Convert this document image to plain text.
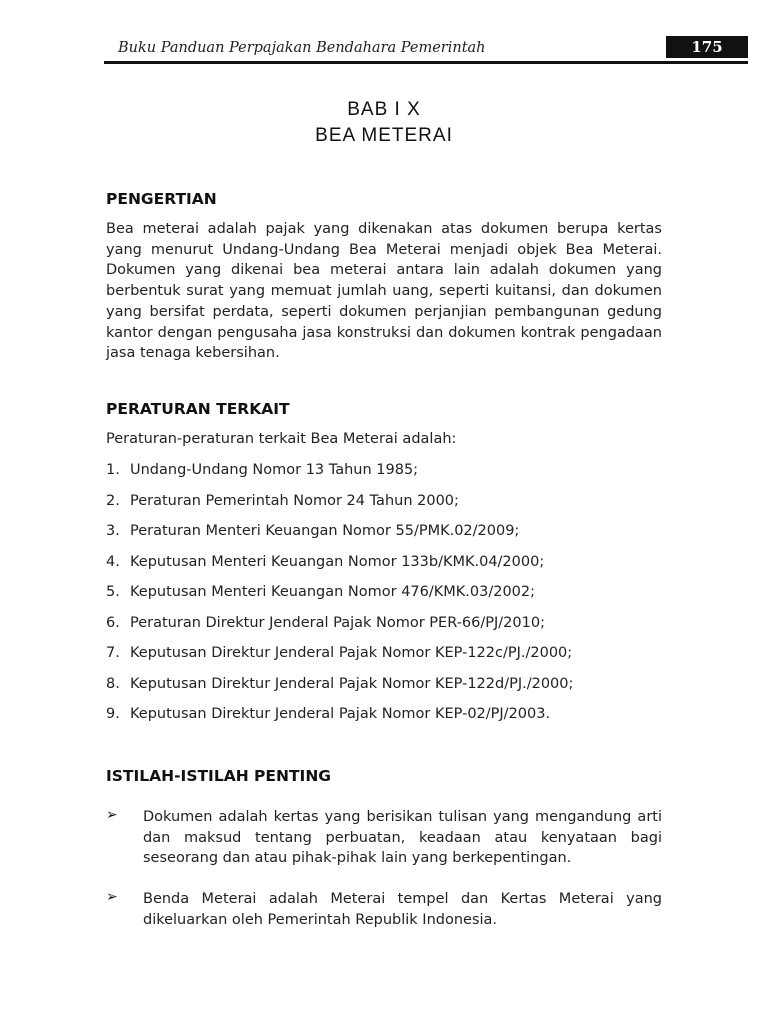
Buku Panduan Perpajakan Bendahara Pemerintah	175
BAB I X
BEA METERAI
PENGERTIAN
Bea meterai adalah pajak yang dikenakan atas dokumen berupa kertas yang menurut Undang-Undang Bea Meterai menjadi objek Bea Meterai. Dokumen yang dikenai bea meterai antara lain adalah dokumen yang berbentuk surat yang memuat jumlah uang, seperti kuitansi, dan dokumen yang bersifat perdata, seperti dokumen perjanjian pembangunan gedung kantor dengan pengusaha jasa konstruksi dan dokumen kontrak pengadaan jasa tenaga kebersihan.
PERATURAN TERKAIT
Peraturan-peraturan terkait Bea Meterai adalah:
1. Undang-Undang Nomor 13 Tahun 1985;
2. Peraturan Pemerintah Nomor 24 Tahun 2000;
3. Peraturan Menteri Keuangan Nomor 55/PMK.02/2009;
4. Keputusan Menteri Keuangan Nomor 133b/KMK.04/2000;
5. Keputusan Menteri Keuangan Nomor 476/KMK.03/2002;
6. Peraturan Direktur Jenderal Pajak Nomor PER-66/PJ/2010;
7. Keputusan Direktur Jenderal Pajak Nomor KEP-122c/PJ./2000;
8. Keputusan Direktur Jenderal Pajak Nomor KEP-122d/PJ./2000;
9. Keputusan Direktur Jenderal Pajak Nomor KEP-02/PJ/2003.
ISTILAH-ISTILAH PENTING
➢ Dokumen adalah kertas yang berisikan tulisan yang mengandung arti dan maksud tentang perbuatan, keadaan atau kenyataan bagi seseorang dan atau pihak-pihak lain yang berkepentingan.
➢ Benda Meterai adalah Meterai tempel dan Kertas Meterai yang dikeluarkan oleh Pemerintah Republik Indonesia.
